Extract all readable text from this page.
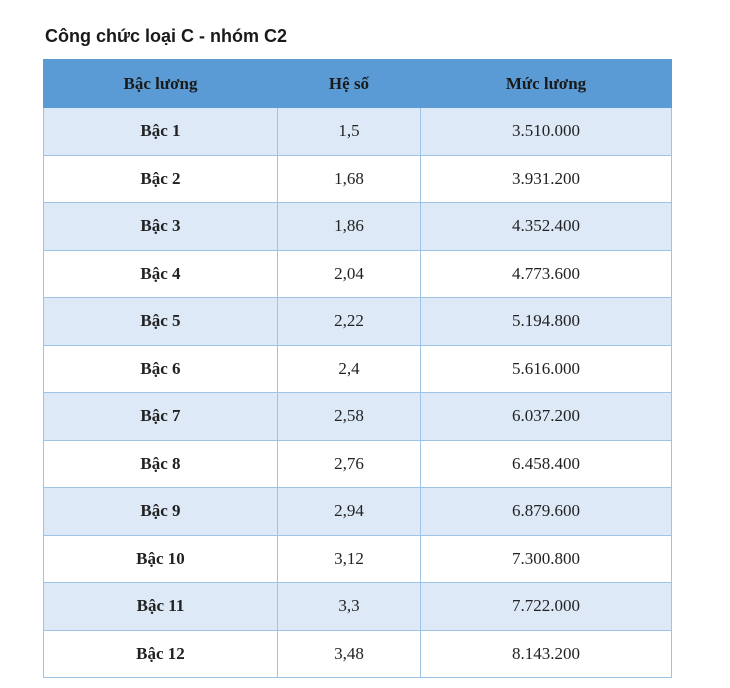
Công chức loại C - nhóm C2
Bậc lương	Hệ số	Mức lương
Bậc 1	1,5	3.510.000
Bậc 2	1,68	3.931.200
Bậc 3	1,86	4.352.400
Bậc 4	2,04	4.773.600
Bậc 5	2,22	5.194.800
Bậc 6	2,4	5.616.000
Bậc 7	2,58	6.037.200
Bậc 8	2,76	6.458.400
Bậc 9	2,94	6.879.600
Bậc 10	3,12	7.300.800
Bậc 11	3,3	7.722.000
Bậc 12	3,48	8.143.200
